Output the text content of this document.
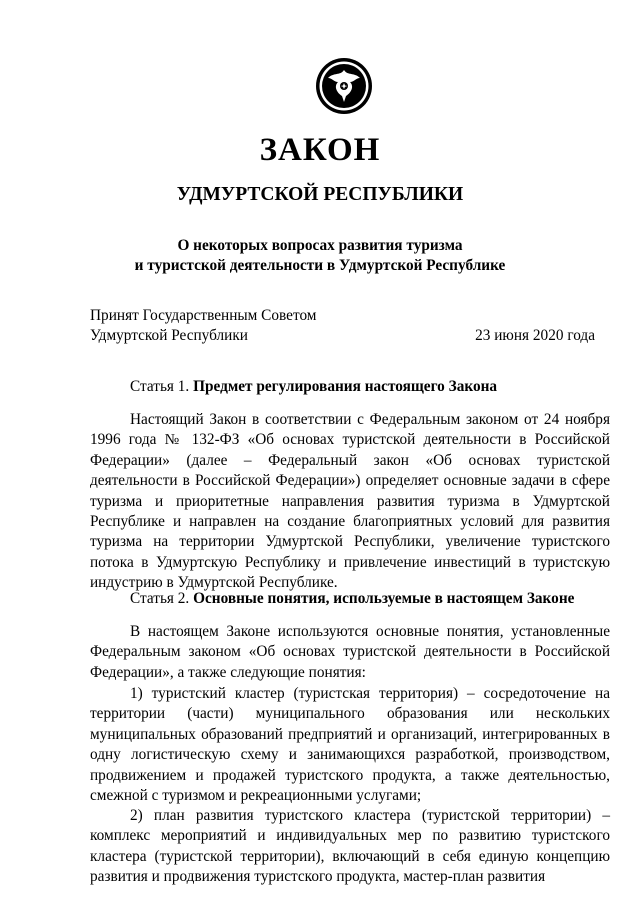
ЗАКОН
УДМУРТСКОЙ РЕСПУБЛИКИ
О некоторых вопросах развития туризма
и туристской деятельности в Удмуртской Республике
Принят Государственным Советом
Удмуртской Республики	23 июня 2020 года

Статья 1. Предмет регулирования настоящего Закона

Настоящий Закон в соответствии с Федеральным законом от 24 ноября 1996 года № 132-ФЗ «Об основах туристской деятельности в Российской Федерации» (далее – Федеральный закон «Об основах туристской деятельности в Российской Федерации») определяет основные задачи в сфере туризма и приоритетные направления развития туризма в Удмуртской Республике и направлен на создание благоприятных условий для развития туризма на территории Удмуртской Республики, увеличение туристского потока в Удмуртскую Республику и привлечение инвестиций в туристскую индустрию в Удмуртской Республике.

Статья 2. Основные понятия, используемые в настоящем Законе

В настоящем Законе используются основные понятия, установленные Федеральным законом «Об основах туристской деятельности в Российской Федерации», а также следующие понятия:

1) туристский кластер (туристская территория) – сосредоточение на территории (части) муниципального образования или нескольких муниципальных образований предприятий и организаций, интегрированных в одну логистическую схему и занимающихся разработкой, производством, продвижением и продажей туристского продукта, а также деятельностью, смежной с туризмом и рекреационными услугами;

2) план развития туристского кластера (туристской территории) – комплекс мероприятий и индивидуальных мер по развитию туристского кластера (туристской территории), включающий в себя единую концепцию развития и продвижения туристского продукта, мастер-план развития
